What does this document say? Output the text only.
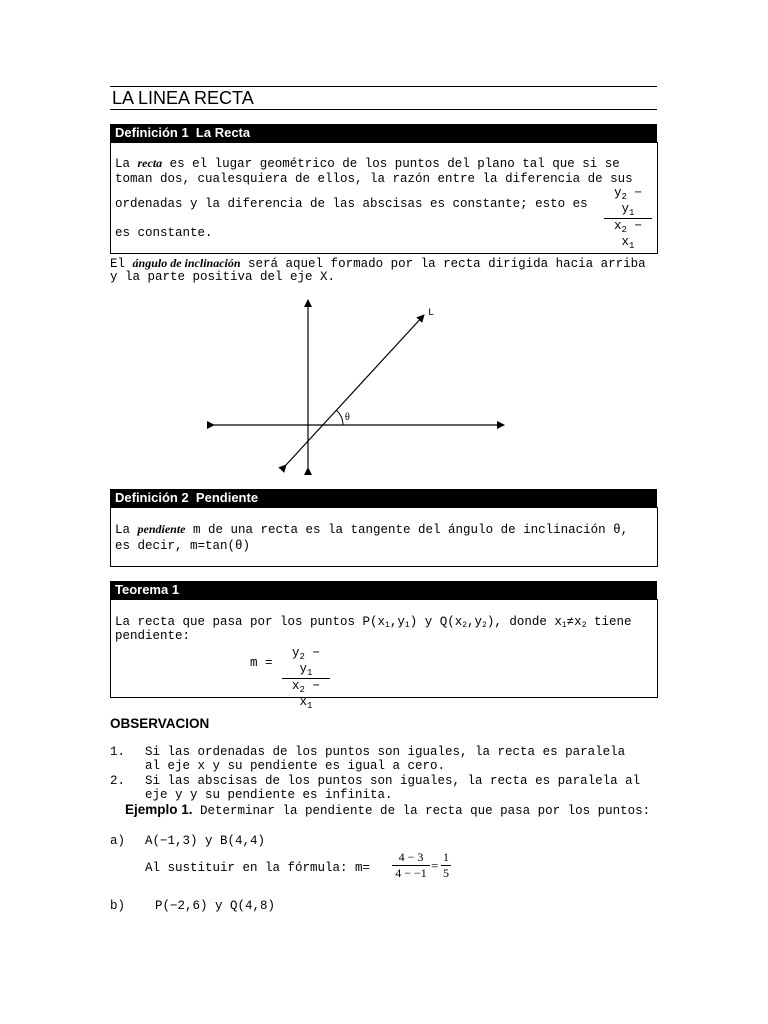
LA LINEA RECTA
Definición 1 La Recta
La recta es el lugar geométrico de los puntos del plano tal que si se
toman dos, cualesquiera de ellos, la razón entre la diferencia de sus
ordenadas y la diferencia de las abscisas es constante; esto es
$y_2 - y_1$
$x_2 - x_1$
es constante.
El ángulo de inclinación será aquel formado por la recta dirigida hacia arriba
y la parte positiva del eje X.
L
θ
Definición 2 Pendiente
La pendiente m de una recta es la tangente del ángulo de inclinación θ,
es decir, m=tan(θ)
Teorema 1
La recta que pasa por los puntos $P(x_1,y_1)$ y $Q(x_2,y_2)$, donde $x_1\ne x_2$ tiene
pendiente:
m =
$y_2 - y_1$
$x_2 - x_1$
OBSERVACION
1. Si las ordenadas de los puntos son iguales, la recta es paralela
al eje x y su pendiente es igual a cero.
2. Si las abscisas de los puntos son iguales, la recta es paralela al
eje y y su pendiente es infinita.
Ejemplo 1. Determinar la pendiente de la recta que pasa por los puntos:
a) A(−1,3) y B(4,4)
Al sustituir en la fórmula: m=
4 − 3
4 − −1 =
1
5
b) P(−2,6) y Q(4,8)
